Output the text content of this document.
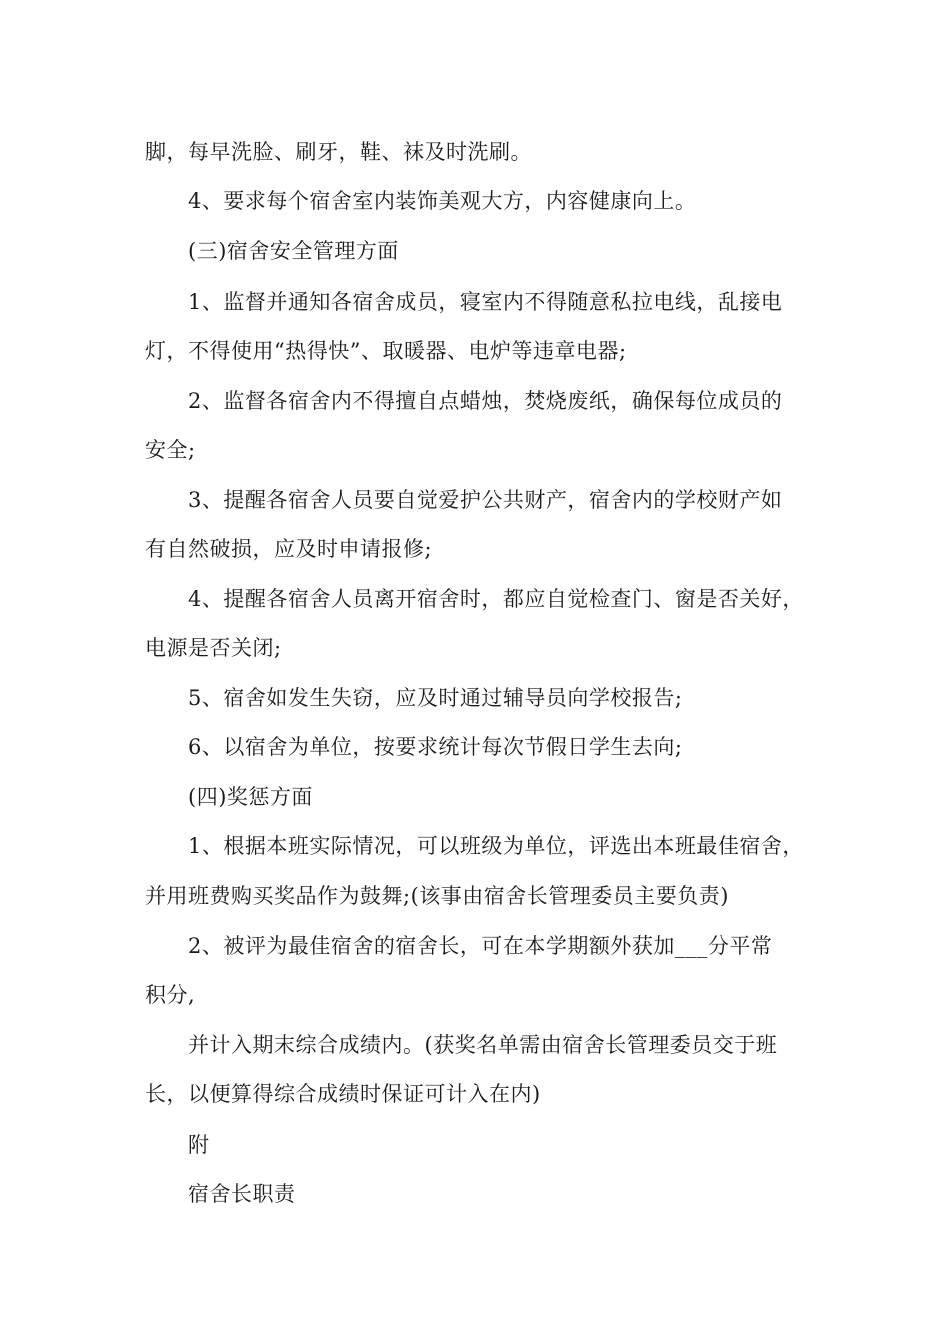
脚，每早洗脸、刷牙，鞋、袜及时洗刷。

4、要求每个宿舍室内装饰美观大方，内容健康向上。

(三)宿舍安全管理方面

1、监督并通知各宿舍成员，寝室内不得随意私拉电线，乱接电

灯，不得使用“热得快”、取暖器、电炉等违章电器;

2、监督各宿舍内不得擅自点蜡烛，焚烧废纸，确保每位成员的

安全;

3、提醒各宿舍人员要自觉爱护公共财产，宿舍内的学校财产如

有自然破损，应及时申请报修;

4、提醒各宿舍人员离开宿舍时，都应自觉检查门、窗是否关好，

电源是否关闭;

5、宿舍如发生失窃，应及时通过辅导员向学校报告;

6、以宿舍为单位，按要求统计每次节假日学生去向;

(四)奖惩方面

1、根据本班实际情况，可以班级为单位，评选出本班最佳宿舍，

并用班费购买奖品作为鼓舞;(该事由宿舍长管理委员主要负责)

2、被评为最佳宿舍的宿舍长，可在本学期额外获加___分平常

积分,

并计入期末综合成绩内。(获奖名单需由宿舍长管理委员交于班

长，以便算得综合成绩时保证可计入在内)

附

宿舍长职责
